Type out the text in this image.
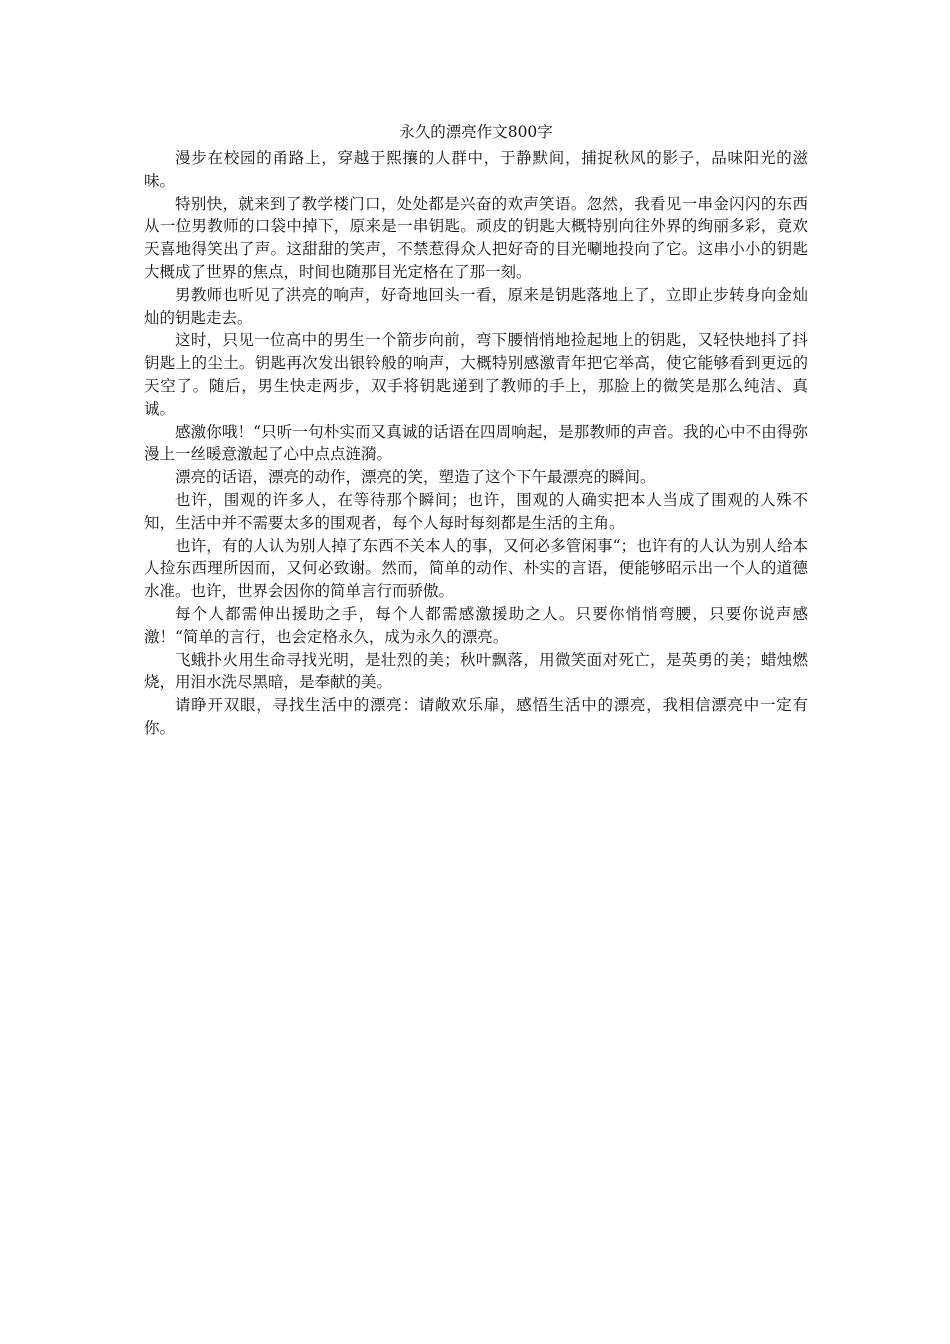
永久的漂亮作文800字

漫步在校园的甬路上，穿越于熙攘的人群中，于静默间，捕捉秋风的影子，品味阳光的滋味。

特别快，就来到了教学楼门口，处处都是兴奋的欢声笑语。忽然，我看见一串金闪闪的东西从一位男教师的口袋中掉下，原来是一串钥匙。顽皮的钥匙大概特别向往外界的绚丽多彩，竟欢天喜地得笑出了声。这甜甜的笑声，不禁惹得众人把好奇的目光唰地投向了它。这串小小的钥匙大概成了世界的焦点，时间也随那目光定格在了那一刻。

男教师也听见了洪亮的响声，好奇地回头一看，原来是钥匙落地上了，立即止步转身向金灿灿的钥匙走去。

这时，只见一位高中的男生一个箭步向前，弯下腰悄悄地捡起地上的钥匙，又轻快地抖了抖钥匙上的尘土。钥匙再次发出银铃般的响声，大概特别感激青年把它举高，使它能够看到更远的天空了。随后，男生快走两步，双手将钥匙递到了教师的手上，那脸上的微笑是那么纯洁、真诚。

感激你哦！“只听一句朴实而又真诚的话语在四周响起，是那教师的声音。我的心中不由得弥漫上一丝暖意激起了心中点点涟漪。

漂亮的话语，漂亮的动作，漂亮的笑，塑造了这个下午最漂亮的瞬间。

也许，围观的许多人，在等待那个瞬间；也许，围观的人确实把本人当成了围观的人殊不知，生活中并不需要太多的围观者，每个人每时每刻都是生活的主角。

也许，有的人认为别人掉了东西不关本人的事，又何必多管闲事“；也许有的人认为别人给本人捡东西理所因而，又何必致谢。然而，简单的动作、朴实的言语，便能够昭示出一个人的道德水准。也许，世界会因你的简单言行而骄傲。

每个人都需伸出援助之手，每个人都需感激援助之人。只要你悄悄弯腰，只要你说声感激！“简单的言行，也会定格永久，成为永久的漂亮。

飞蛾扑火用生命寻找光明，是壮烈的美；秋叶飘落，用微笑面对死亡，是英勇的美；蜡烛燃烧，用泪水洗尽黑暗，是奉献的美。

请睁开双眼，寻找生活中的漂亮：请敞欢乐扉，感悟生活中的漂亮，我相信漂亮中一定有你。
